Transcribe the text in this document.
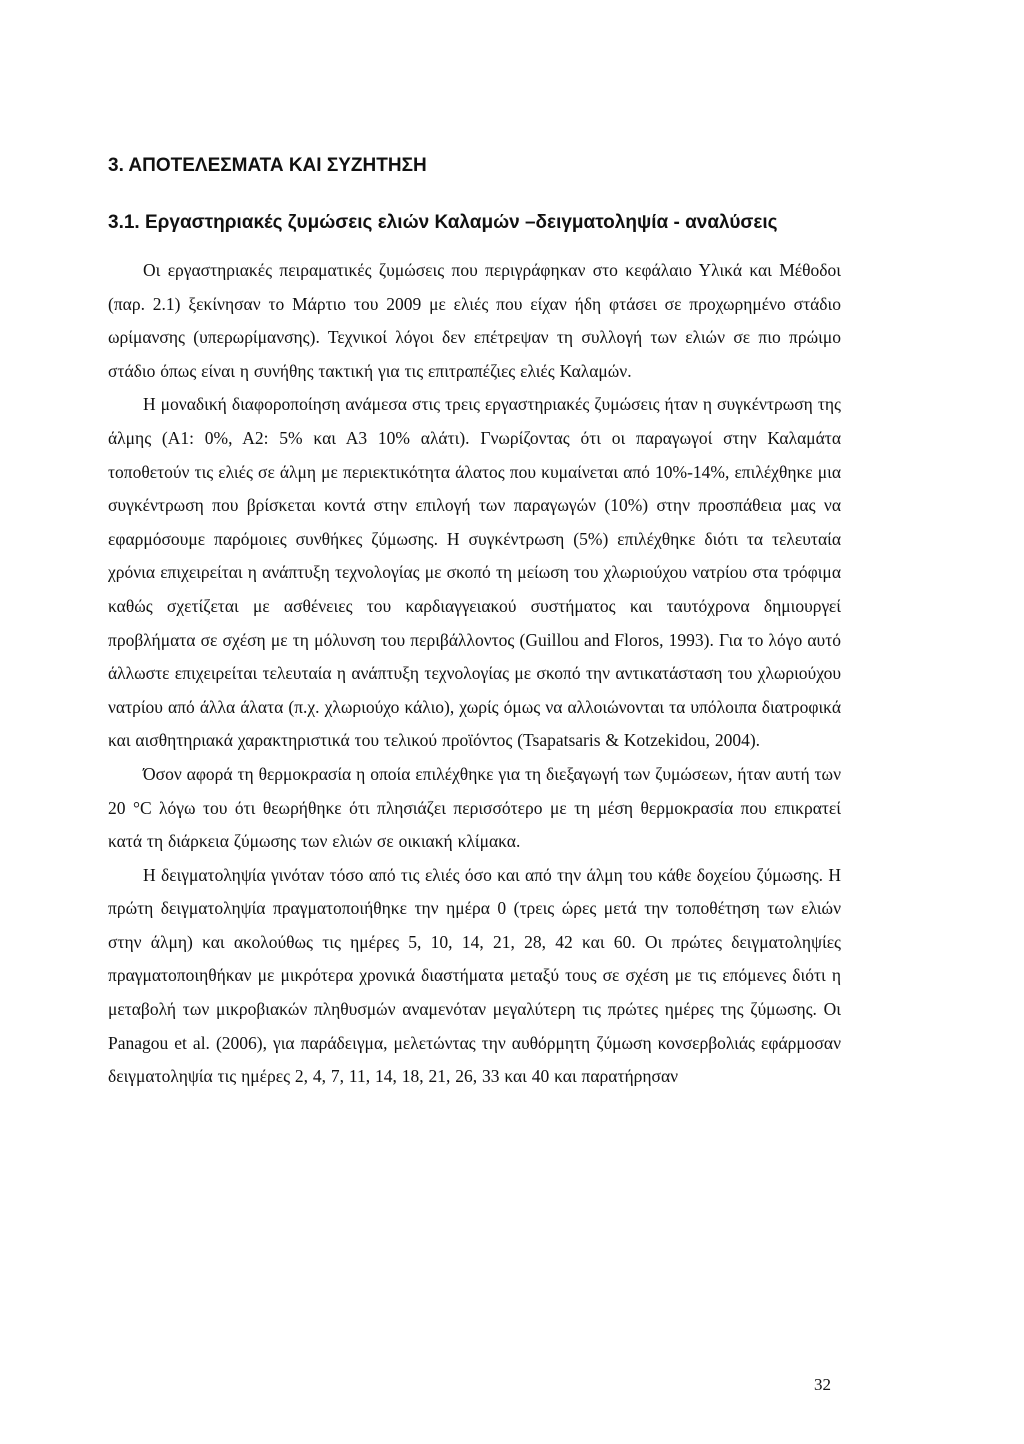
3. ΑΠΟΤΕΛΕΣΜΑΤΑ ΚΑΙ ΣΥΖΗΤΗΣΗ
3.1. Εργαστηριακές ζυμώσεις ελιών Καλαμών –δειγματοληψία - αναλύσεις

Οι εργαστηριακές πειραματικές ζυμώσεις που περιγράφηκαν στο κεφάλαιο Υλικά και Μέθοδοι (παρ. 2.1) ξεκίνησαν το Μάρτιο του 2009 με ελιές που είχαν ήδη φτάσει σε προχωρημένο στάδιο ωρίμανσης (υπερωρίμανσης). Τεχνικοί λόγοι δεν επέτρεψαν τη συλλογή των ελιών σε πιο πρώιμο στάδιο όπως είναι η συνήθης τακτική για τις επιτραπέζιες ελιές Καλαμών.

Η μοναδική διαφοροποίηση ανάμεσα στις τρεις εργαστηριακές ζυμώσεις ήταν η συγκέντρωση της άλμης (Α1: 0%, Α2: 5% και Α3 10% αλάτι). Γνωρίζοντας ότι οι παραγωγοί στην Καλαμάτα τοποθετούν τις ελιές σε άλμη με περιεκτικότητα άλατος που κυμαίνεται από 10%-14%, επιλέχθηκε μια συγκέντρωση που βρίσκεται κοντά στην επιλογή των παραγωγών (10%) στην προσπάθεια μας να εφαρμόσουμε παρόμοιες συνθήκες ζύμωσης. Η συγκέντρωση (5%) επιλέχθηκε διότι τα τελευταία χρόνια επιχειρείται η ανάπτυξη τεχνολογίας με σκοπό τη μείωση του χλωριούχου νατρίου στα τρόφιμα καθώς σχετίζεται με ασθένειες του καρδιαγγειακού συστήματος και ταυτόχρονα δημιουργεί προβλήματα σε σχέση με τη μόλυνση του περιβάλλοντος (Guillou and Floros, 1993). Για το λόγο αυτό άλλωστε επιχειρείται τελευταία η ανάπτυξη τεχνολογίας με σκοπό την αντικατάσταση του χλωριούχου νατρίου από άλλα άλατα (π.χ. χλωριούχο κάλιο), χωρίς όμως να αλλοιώνονται τα υπόλοιπα διατροφικά και αισθητηριακά χαρακτηριστικά του τελικού προϊόντος (Tsapatsaris & Kotzekidou, 2004).

Όσον αφορά τη θερμοκρασία η οποία επιλέχθηκε για τη διεξαγωγή των ζυμώσεων, ήταν αυτή των 20 °C λόγω του ότι θεωρήθηκε ότι πλησιάζει περισσότερο με τη μέση θερμοκρασία που επικρατεί κατά τη διάρκεια ζύμωσης των ελιών σε οικιακή κλίμακα.

Η δειγματοληψία γινόταν τόσο από τις ελιές όσο και από την άλμη του κάθε δοχείου ζύμωσης. Η πρώτη δειγματοληψία πραγματοποιήθηκε την ημέρα 0 (τρεις ώρες μετά την τοποθέτηση των ελιών στην άλμη) και ακολούθως τις ημέρες 5, 10, 14, 21, 28, 42 και 60. Οι πρώτες δειγματοληψίες πραγματοποιηθήκαν με μικρότερα χρονικά διαστήματα μεταξύ τους σε σχέση με τις επόμενες διότι η μεταβολή των μικροβιακών πληθυσμών αναμενόταν μεγαλύτερη τις πρώτες ημέρες της ζύμωσης. Οι Panagou et al. (2006), για παράδειγμα, μελετώντας την αυθόρμητη ζύμωση κονσερβολιάς εφάρμοσαν δειγματοληψία τις ημέρες 2, 4, 7, 11, 14, 18, 21, 26, 33 και 40 και παρατήρησαν

32
